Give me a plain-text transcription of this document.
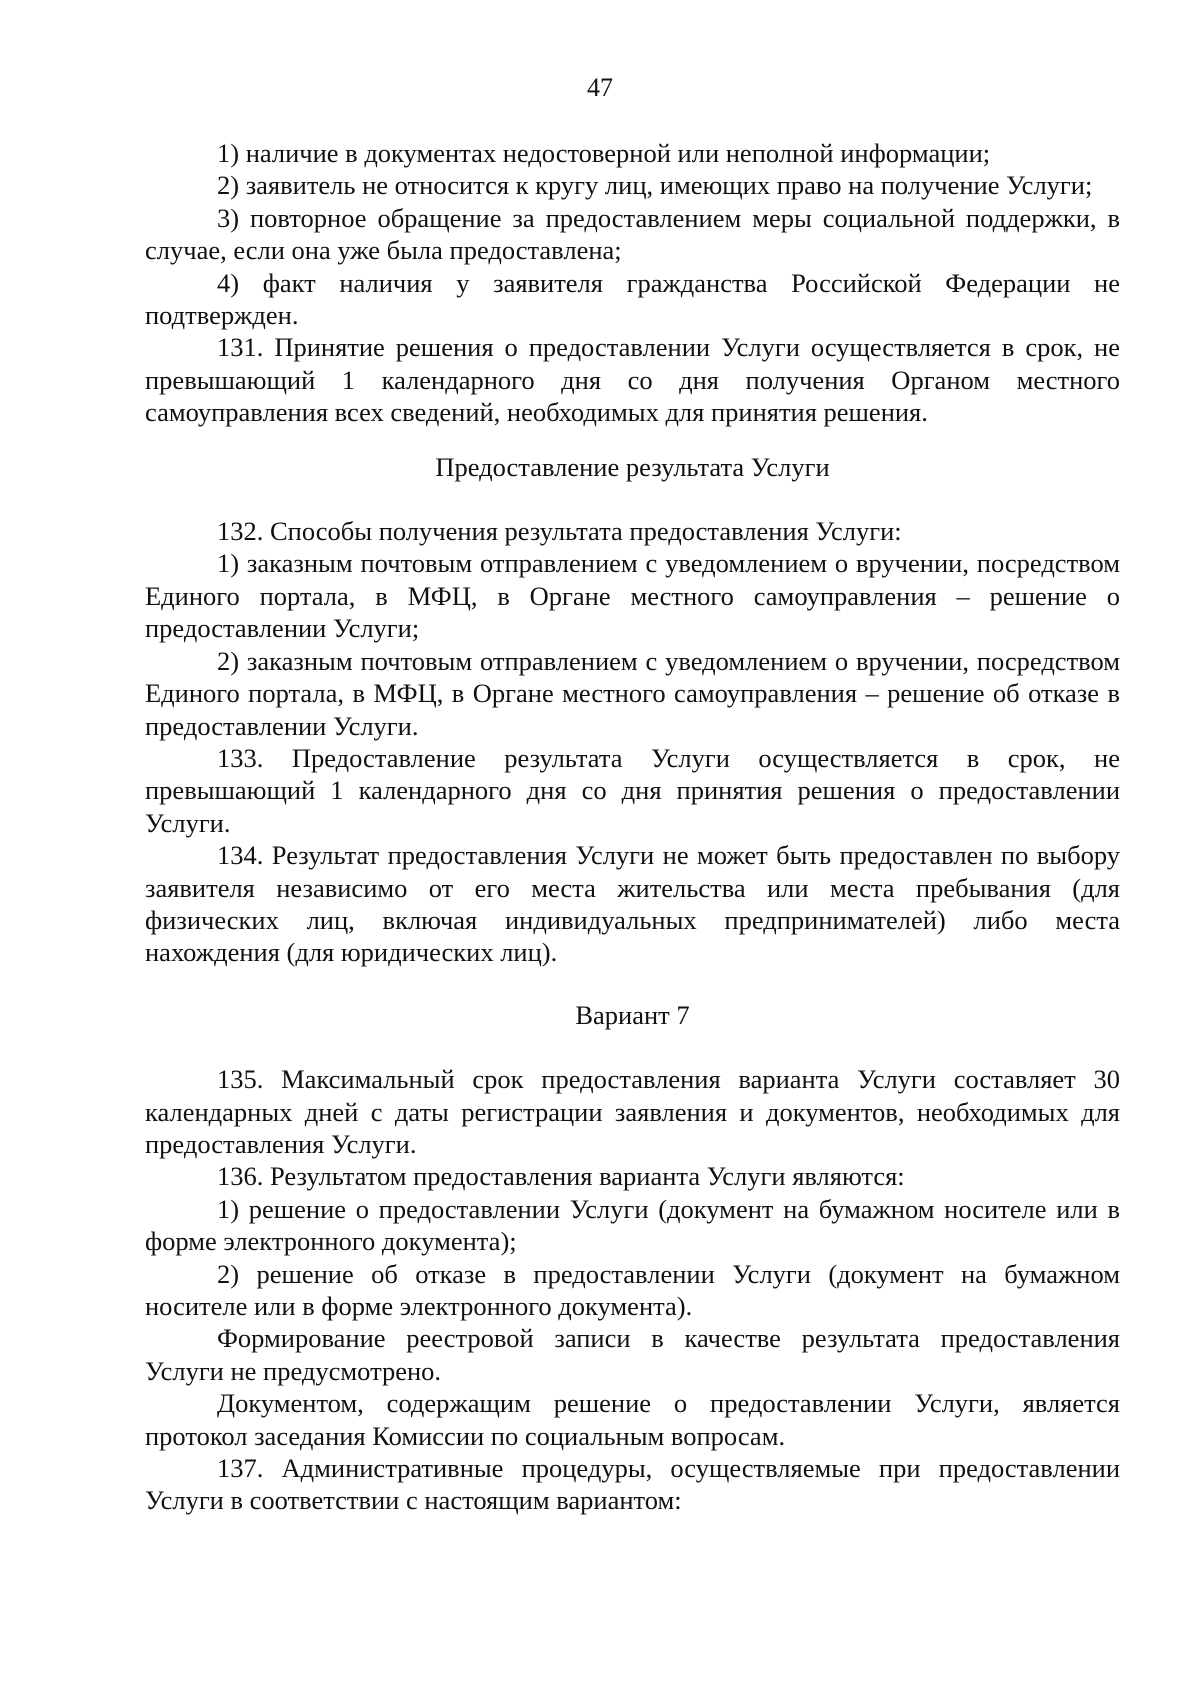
47

1) наличие в документах недостоверной или неполной информации;

2) заявитель не относится к кругу лиц, имеющих право на получение Услуги;

3) повторное обращение за предоставлением меры социальной поддержки, в случае, если она уже была предоставлена;

4) факт наличия у заявителя гражданства Российской Федерации не подтвержден.

131. Принятие решения о предоставлении Услуги осуществляется в срок, не превышающий 1 календарного дня со дня получения Органом местного самоуправления всех сведений, необходимых для принятия решения.

Предоставление результата Услуги

132. Способы получения результата предоставления Услуги:

1) заказным почтовым отправлением с уведомлением о вручении, посредством Единого портала, в МФЦ, в Органе местного самоуправления – решение о предоставлении Услуги;

2) заказным почтовым отправлением с уведомлением о вручении, посредством Единого портала, в МФЦ, в Органе местного самоуправления – решение об отказе в предоставлении Услуги.

133. Предоставление результата Услуги осуществляется в срок, не превышающий 1 календарного дня со дня принятия решения о предоставлении Услуги.

134. Результат предоставления Услуги не может быть предоставлен по выбору заявителя независимо от его места жительства или места пребывания (для физических лиц, включая индивидуальных предпринимателей) либо места нахождения (для юридических лиц).

Вариант 7

135. Максимальный срок предоставления варианта Услуги составляет 30 календарных дней с даты регистрации заявления и документов, необходимых для предоставления Услуги.

136. Результатом предоставления варианта Услуги являются:

1) решение о предоставлении Услуги (документ на бумажном носителе или в форме электронного документа);

2) решение об отказе в предоставлении Услуги (документ на бумажном носителе или в форме электронного документа).

Формирование реестровой записи в качестве результата предоставления Услуги не предусмотрено.

Документом, содержащим решение о предоставлении Услуги, является протокол заседания Комиссии по социальным вопросам.

137. Административные процедуры, осуществляемые при предоставлении Услуги в соответствии с настоящим вариантом:
